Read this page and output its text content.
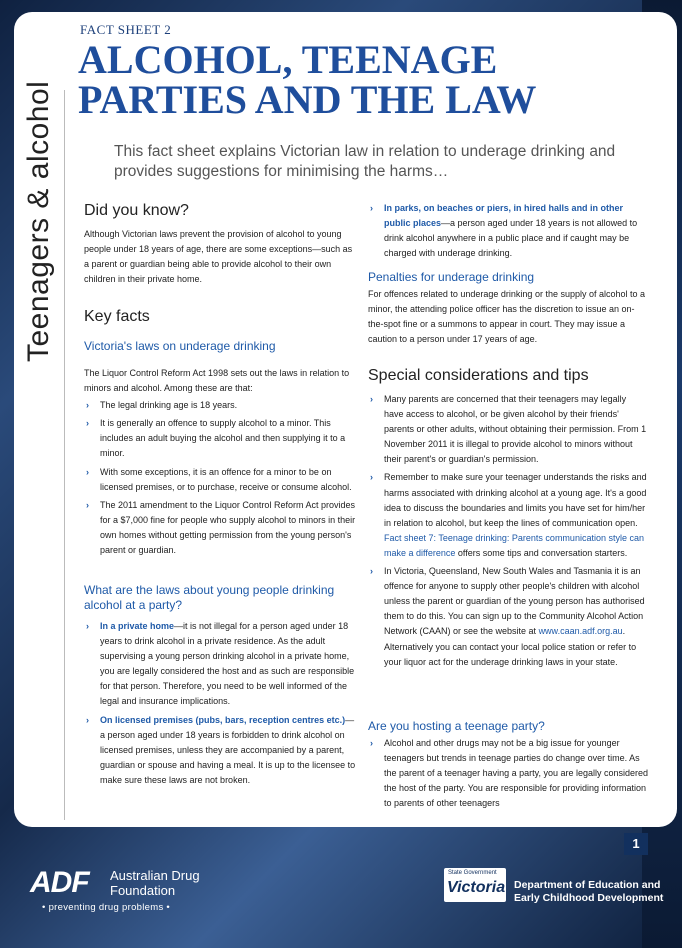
Teenagers & alcohol
FACT SHEET 2
ALCOHOL, TEENAGE PARTIES AND THE LAW

This fact sheet explains Victorian law in relation to underage drinking and provides suggestions for minimising the harms…

Did you know?

Although Victorian laws prevent the provision of alcohol to young people under 18 years of age, there are some exceptions—such as a parent or guardian being able to provide alcohol to their own children in their private home.

Key facts
Victoria's laws on underage drinking

The Liquor Control Reform Act 1998 sets out the laws in relation to minors and alcohol. Among these are that:

› The legal drinking age is 18 years.
› It is generally an offence to supply alcohol to a minor. This includes an adult buying the alcohol and then supplying it to a minor.
› With some exceptions, it is an offence for a minor to be on licensed premises, or to purchase, receive or consume alcohol.
› The 2011 amendment to the Liquor Control Reform Act provides for a $7,000 fine for people who supply alcohol to minors in their own homes without getting permission from the young person's parent or guardian.
What are the laws about young people drinking alcohol at a party?
› In a private home—it is not illegal for a person aged under 18 years to drink alcohol in a private residence. As the adult supervising a young person drinking alcohol in a private home, you are legally considered the host and as such are responsible for that person. Therefore, you need to be well informed of the legal and insurance implications.
› On licensed premises (pubs, bars, reception centres etc.)—a person aged under 18 years is forbidden to drink alcohol on licensed premises, unless they are accompanied by a parent, guardian or spouse and having a meal. It is up to the licensee to make sure these laws are not broken.
› In parks, on beaches or piers, in hired halls and in other public places—a person aged under 18 years is not allowed to drink alcohol anywhere in a public place and if caught may be charged with underage drinking.
Penalties for underage drinking

For offences related to underage drinking or the supply of alcohol to a minor, the attending police officer has the discretion to issue an on-the-spot fine or a summons to appear in court. They may issue a caution to a person under 17 years of age.

Special considerations and tips
› Many parents are concerned that their teenagers may legally have access to alcohol, or be given alcohol by their friends' parents or other adults, without obtaining their permission. From 1 November 2011 it is illegal to provide alcohol to minors without their parent's or guardian's permission.
› Remember to make sure your teenager understands the risks and harms associated with drinking alcohol at a young age. It's a good idea to discuss the boundaries and limits you have set for him/her in relation to alcohol, but keep the lines of communication open. Fact sheet 7: Teenage drinking: Parents communication style can make a difference offers some tips and conversation starters.
› In Victoria, Queensland, New South Wales and Tasmania it is an offence for anyone to supply other people's children with alcohol unless the parent or guardian of the young person has authorised them to do this. You can sign up to the Community Alcohol Action Network (CAAN) or see the website at www.caan.adf.org.au. Alternatively you can contact your local police station or refer to your liquor act for the underage drinking laws in your state.
Are you hosting a teenage party?
› Alcohol and other drugs may not be a big issue for younger teenagers but trends in teenage parties do change over time. As the parent of a teenager having a party, you are legally considered the host of the party. You are responsible for providing information to parents of other teenagers
1
ADF Australian Drug Foundation
• preventing drug problems •
State Government
Victoria Department of Education and Early Childhood Development
